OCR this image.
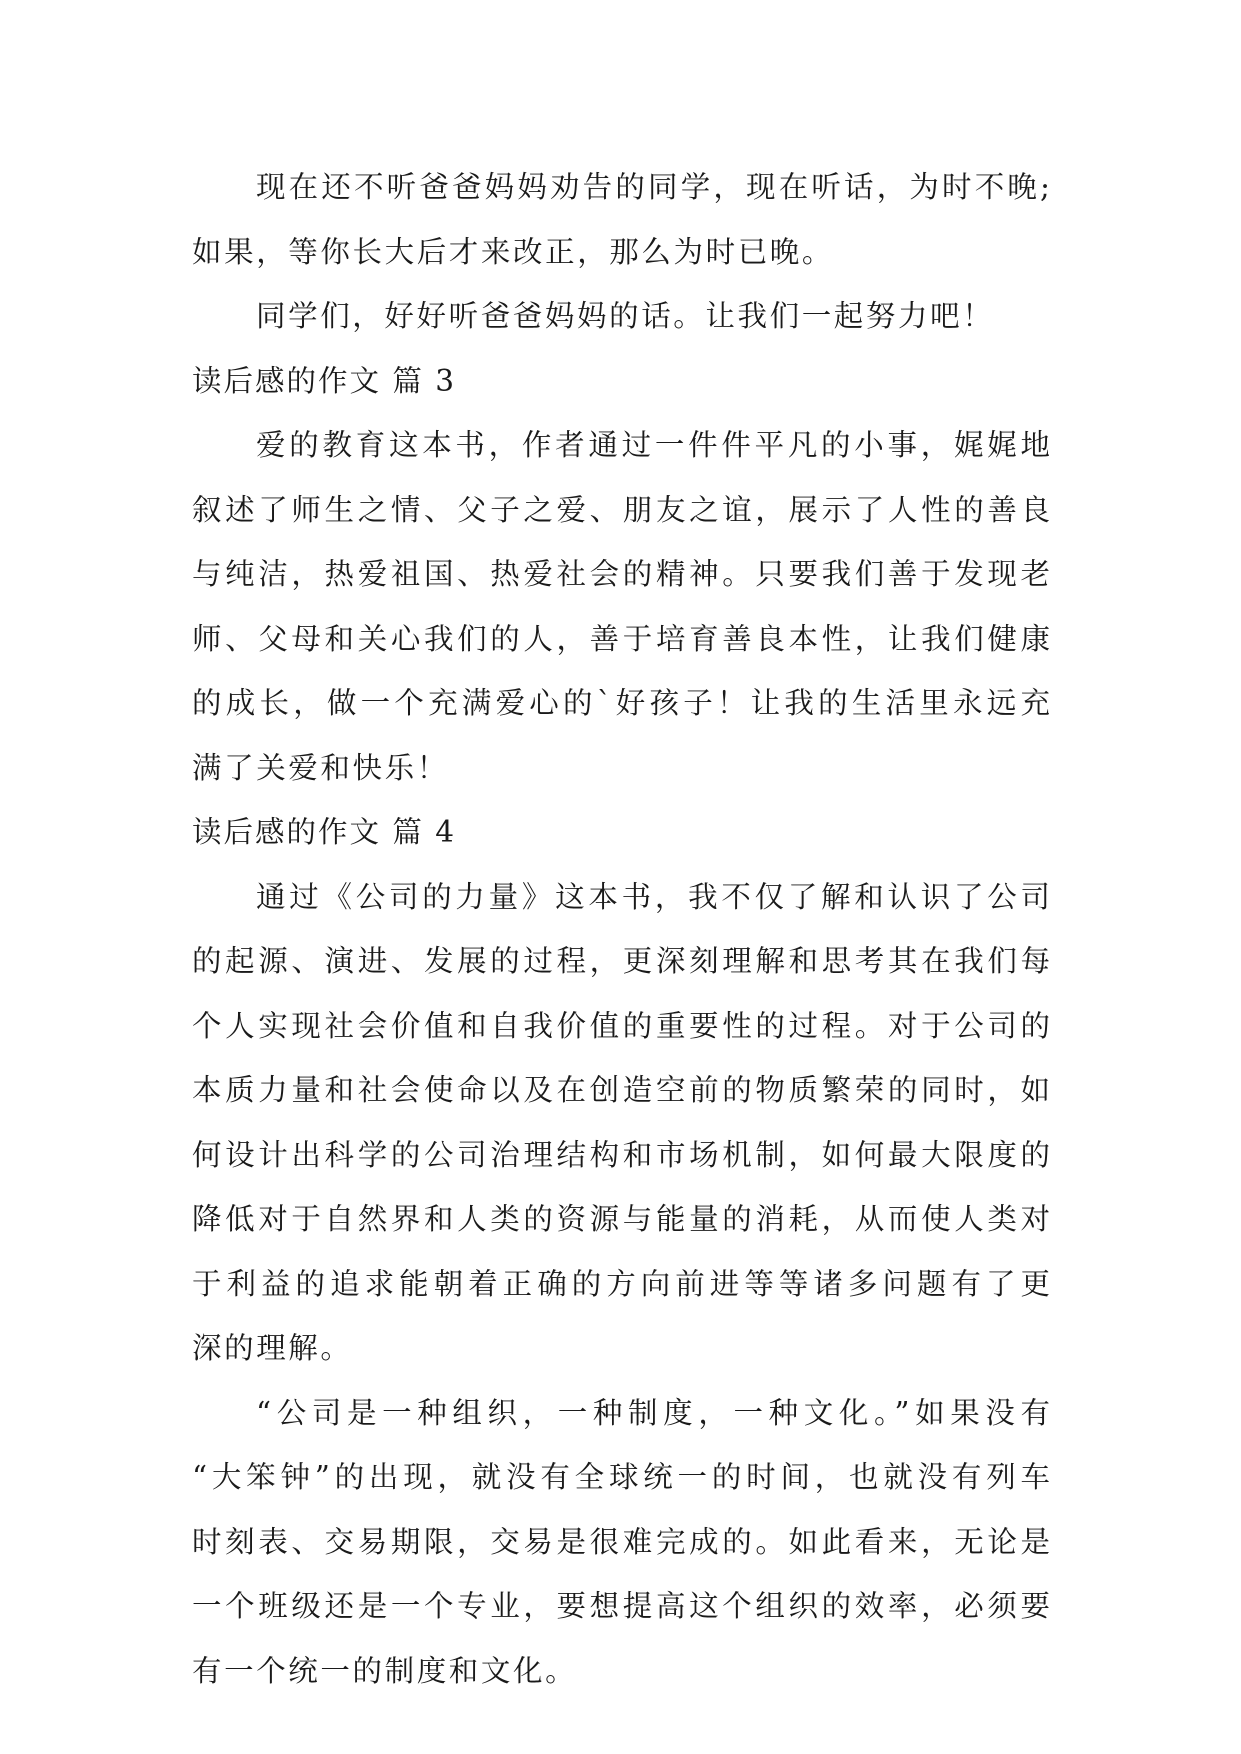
现在还不听爸爸妈妈劝告的同学，现在听话，为时不晚;
如果，等你长大后才来改正，那么为时已晚。
同学们，好好听爸爸妈妈的话。让我们一起努力吧！
读后感的作文 篇 3
爱的教育这本书，作者通过一件件平凡的小事，娓娓地
叙述了师生之情、父子之爱、朋友之谊，展示了人性的善良
与纯洁，热爱祖国、热爱社会的精神。只要我们善于发现老
师、父母和关心我们的人，善于培育善良本性，让我们健康
的成长，做一个充满爱心的`好孩子！让我的生活里永远充
满了关爱和快乐！
读后感的作文 篇 4
通过《公司的力量》这本书，我不仅了解和认识了公司
的起源、演进、发展的过程，更深刻理解和思考其在我们每
个人实现社会价值和自我价值的重要性的过程。对于公司的
本质力量和社会使命以及在创造空前的物质繁荣的同时，如
何设计出科学的公司治理结构和市场机制，如何最大限度的
降低对于自然界和人类的资源与能量的消耗，从而使人类对
于利益的追求能朝着正确的方向前进等等诸多问题有了更
深的理解。
“公司是一种组织，一种制度，一种文化。”如果没有
“大笨钟”的出现，就没有全球统一的时间，也就没有列车
时刻表、交易期限，交易是很难完成的。如此看来，无论是
一个班级还是一个专业，要想提高这个组织的效率，必须要
有一个统一的制度和文化。
